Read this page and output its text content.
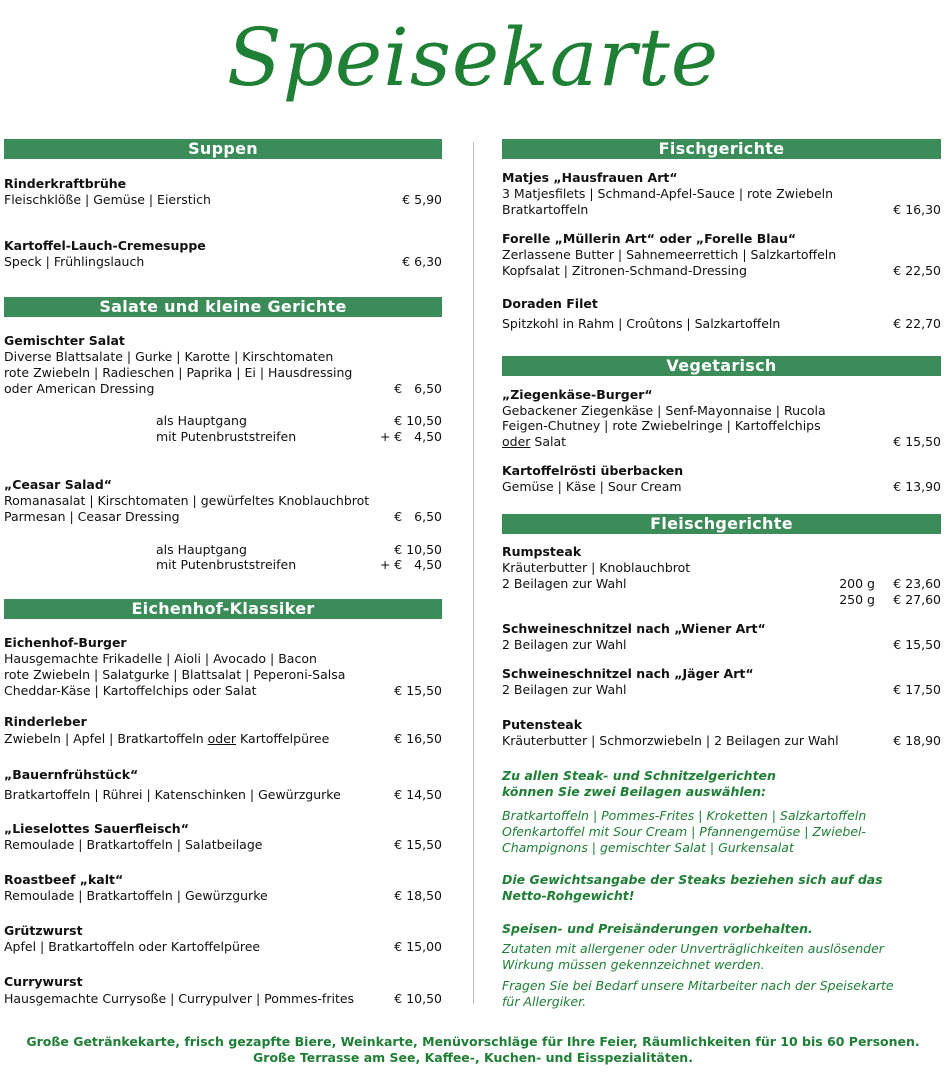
Speisekarte
Suppen
Rinderkraftbrühe
Fleischklöße | Gemüse | Eierstich	€ 5,90
Kartoffel-Lauch-Cremesuppe
Speck | Frühlingslauch	€ 6,30
Salate und kleine Gerichte
Gemischter Salat
Diverse Blattsalate | Gurke | Karotte | Kirschtomaten
rote Zwiebeln | Radieschen | Paprika | Ei | Hausdressing
oder American Dressing	€   6,50
als Hauptgang	€ 10,50
mit Putenbruststreifen	+ €   4,50
„Ceasar Salad“
Romanasalat | Kirschtomaten | gewürfeltes Knoblauchbrot
Parmesan | Ceasar Dressing	€   6,50
als Hauptgang	€ 10,50
mit Putenbruststreifen	+ €   4,50
Eichenhof-Klassiker
Eichenhof-Burger
Hausgemachte Frikadelle | Aioli | Avocado | Bacon
rote Zwiebeln | Salatgurke | Blattsalat | Peperoni-Salsa
Cheddar-Käse | Kartoffelchips oder Salat	€ 15,50
Rinderleber
Zwiebeln | Apfel | Bratkartoffeln oder Kartoffelpüree	€ 16,50
„Bauernfrühstück“
Bratkartoffeln | Rührei | Katenschinken | Gewürzgurke	€ 14,50
„Lieselottes Sauerfleisch“
Remoulade | Bratkartoffeln | Salatbeilage	€ 15,50
Roastbeef „kalt“
Remoulade | Bratkartoffeln | Gewürzgurke	€ 18,50
Grützwurst
Apfel | Bratkartoffeln oder Kartoffelpüree	€ 15,00
Currywurst
Hausgemachte Currysoße | Currypulver | Pommes-frites	€ 10,50
Fischgerichte
Matjes „Hausfrauen Art“
3 Matjesfilets | Schmand-Apfel-Sauce | rote Zwiebeln
Bratkartoffeln	€ 16,30
Forelle „Müllerin Art“ oder „Forelle Blau“
Zerlassene Butter | Sahnemeerrettich | Salzkartoffeln
Kopfsalat | Zitronen-Schmand-Dressing	€ 22,50
Doraden Filet
Spitzkohl in Rahm | Croûtons | Salzkartoffeln	€ 22,70
Vegetarisch
„Ziegenkäse-Burger“
Gebackener Ziegenkäse | Senf-Mayonnaise | Rucola
Feigen-Chutney | rote Zwiebelringe | Kartoffelchips
oder Salat	€ 15,50
Kartoffelrösti überbacken
Gemüse | Käse | Sour Cream	€ 13,90
Fleischgerichte
Rumpsteak
Kräuterbutter | Knoblauchbrot
2 Beilagen zur Wahl	200 g € 23,60
250 g € 27,60
Schweineschnitzel nach „Wiener Art“
2 Beilagen zur Wahl	€ 15,50
Schweineschnitzel nach „Jäger Art“
2 Beilagen zur Wahl	€ 17,50
Putensteak
Kräuterbutter | Schmorzwiebeln | 2 Beilagen zur Wahl	€ 18,90
Zu allen Steak- und Schnitzelgerichten
können Sie zwei Beilagen auswählen:
Bratkartoffeln | Pommes-Frites | Kroketten | Salzkartoffeln
Ofenkartoffel mit Sour Cream | Pfannengemüse | Zwiebel-
Champignons | gemischter Salat | Gurkensalat
Die Gewichtsangabe der Steaks beziehen sich auf das
Netto-Rohgewicht!
Speisen- und Preisänderungen vorbehalten.
Zutaten mit allergener oder Unverträglichkeiten auslösender
Wirkung müssen gekennzeichnet werden.
Fragen Sie bei Bedarf unsere Mitarbeiter nach der Speisekarte
für Allergiker.
Große Getränkekarte, frisch gezapfte Biere, Weinkarte, Menüvorschläge für Ihre Feier, Räumlichkeiten für 10 bis 60 Personen.
Große Terrasse am See, Kaffee-, Kuchen- und Eisspezialitäten.
